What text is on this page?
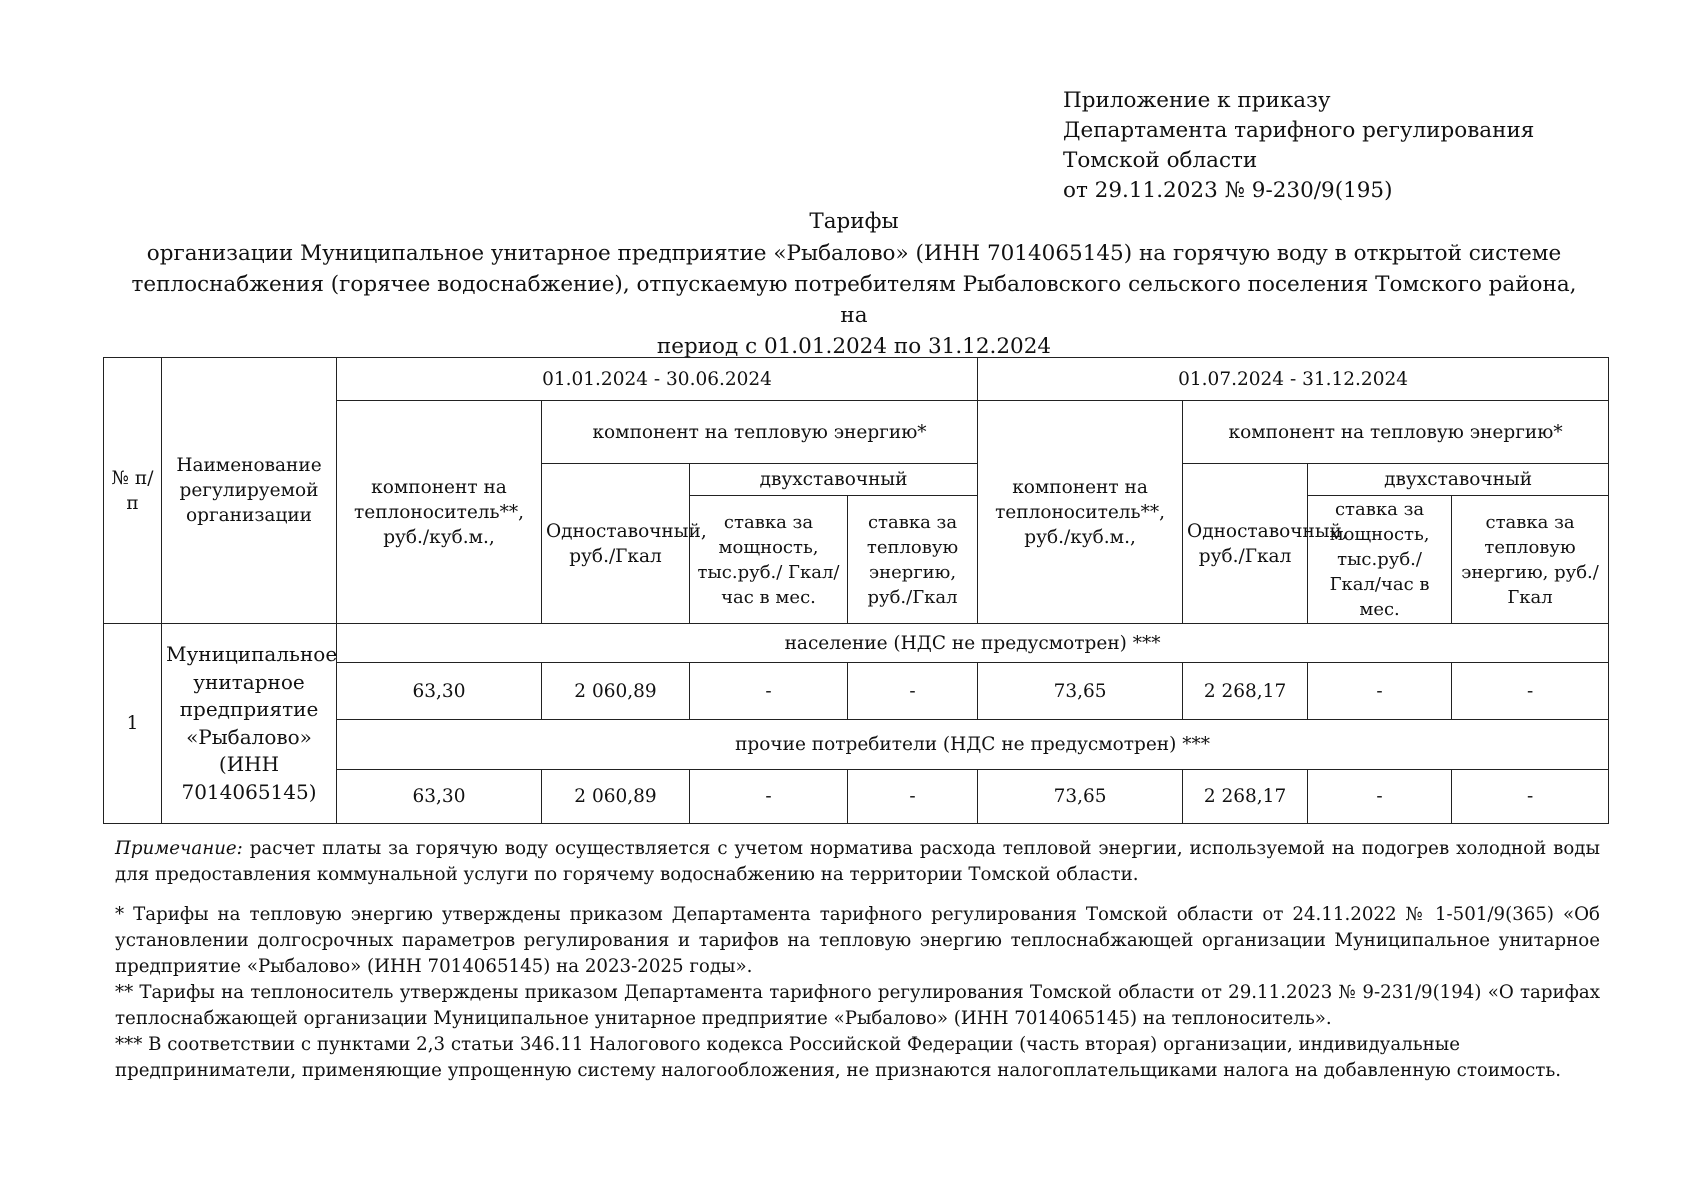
Приложение к приказу
Департамента тарифного регулирования
Томской области
от 29.11.2023 № 9-230/9(195)
Тарифы
организации Муниципальное унитарное предприятие «Рыбалово» (ИНН 7014065145) на горячую воду в открытой системе
теплоснабжения (горячее водоснабжение), отпускаемую потребителям Рыбаловского сельского поселения Томского района, на
период с 01.01.2024 по 31.12.2024
№ п/п	Наименование регулируемой организации	01.01.2024 - 30.06.2024				01.07.2024 - 31.12.2024			
		компонент на теплоноситель**, руб./куб.м.,	компонент на тепловую энергию*			компонент на теплоноситель**, руб./куб.м.,	компонент на тепловую энергию*		
			Одноставочный, руб./Гкал	двухставочный			Одноставочный, руб./Гкал	двухставочный	
				ставка за мощность, тыс.руб./ Гкал/час в мес.	ставка за тепловую энергию, руб./Гкал			ставка за мощность, тыс.руб./ Гкал/час в мес.	ставка за тепловую энергию, руб./Гкал
1	Муниципальное унитарное предприятие «Рыбалово» (ИНН 7014065145)	население (НДС не предусмотрен) ***							
		63,30	2 060,89	-	-	73,65	2 268,17	-	-
		прочие потребители (НДС не предусмотрен) ***							
		63,30	2 060,89	-	-	73,65	2 268,17	-	-
Примечание: расчет платы за горячую воду осуществляется с учетом норматива расхода тепловой энергии, используемой на подогрев холодной воды для предоставления коммунальной услуги по горячему водоснабжению на территории Томской области.

* Тарифы на тепловую энергию утверждены приказом Департамента тарифного регулирования Томской области от 24.11.2022 № 1-501/9(365) «Об установлении долгосрочных параметров регулирования и тарифов на тепловую энергию теплоснабжающей организации Муниципальное унитарное предприятие «Рыбалово» (ИНН 7014065145) на 2023-2025 годы».

** Тарифы на теплоноситель утверждены приказом Департамента тарифного регулирования Томской области от 29.11.2023 № 9-231/9(194) «О тарифах теплоснабжающей организации Муниципальное унитарное предприятие «Рыбалово» (ИНН 7014065145) на теплоноситель».

*** В соответствии с пунктами 2,3 статьи 346.11 Налогового кодекса Российской Федерации (часть вторая) организации, индивидуальные предприниматели, применяющие упрощенную систему налогообложения, не признаются налогоплательщиками налога на добавленную стоимость.
